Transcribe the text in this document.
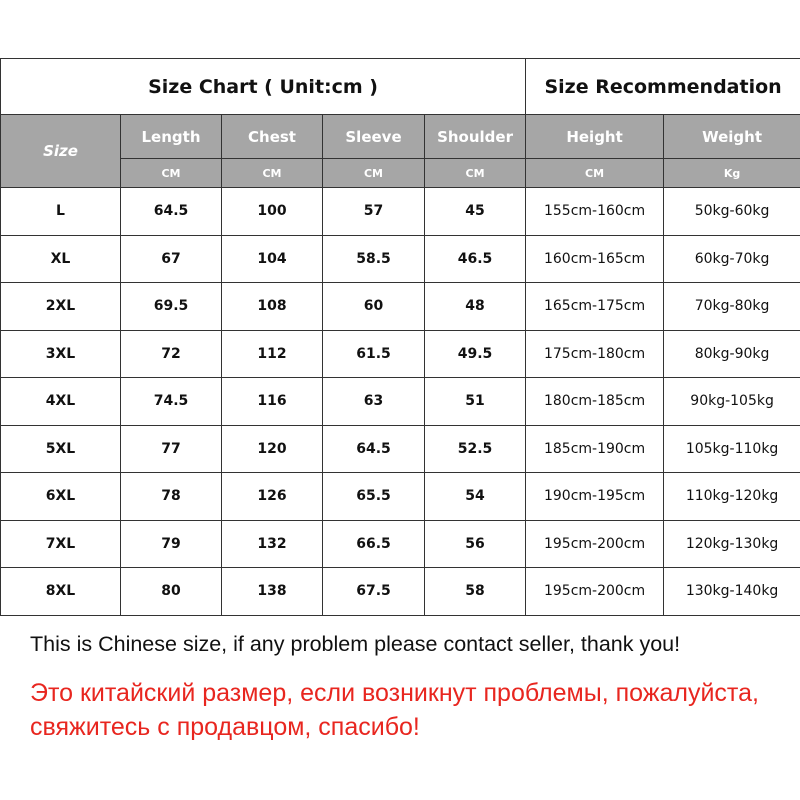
Size Chart ( Unit:cm )					Size Recommendation	
Size	Length	Chest	Sleeve	Shoulder	Height	Weight
	CM	CM	CM	CM	CM	Kg
L	64.5	100	57	45	155cm-160cm	50kg-60kg
XL	67	104	58.5	46.5	160cm-165cm	60kg-70kg
2XL	69.5	108	60	48	165cm-175cm	70kg-80kg
3XL	72	112	61.5	49.5	175cm-180cm	80kg-90kg
4XL	74.5	116	63	51	180cm-185cm	90kg-105kg
5XL	77	120	64.5	52.5	185cm-190cm	105kg-110kg
6XL	78	126	65.5	54	190cm-195cm	110kg-120kg
7XL	79	132	66.5	56	195cm-200cm	120kg-130kg
8XL	80	138	67.5	58	195cm-200cm	130kg-140kg
This is Chinese size, if any problem please contact seller, thank you!
Это китайский размер, если возникнут проблемы, пожалуйста, свяжитесь с продавцом, спасибо!
